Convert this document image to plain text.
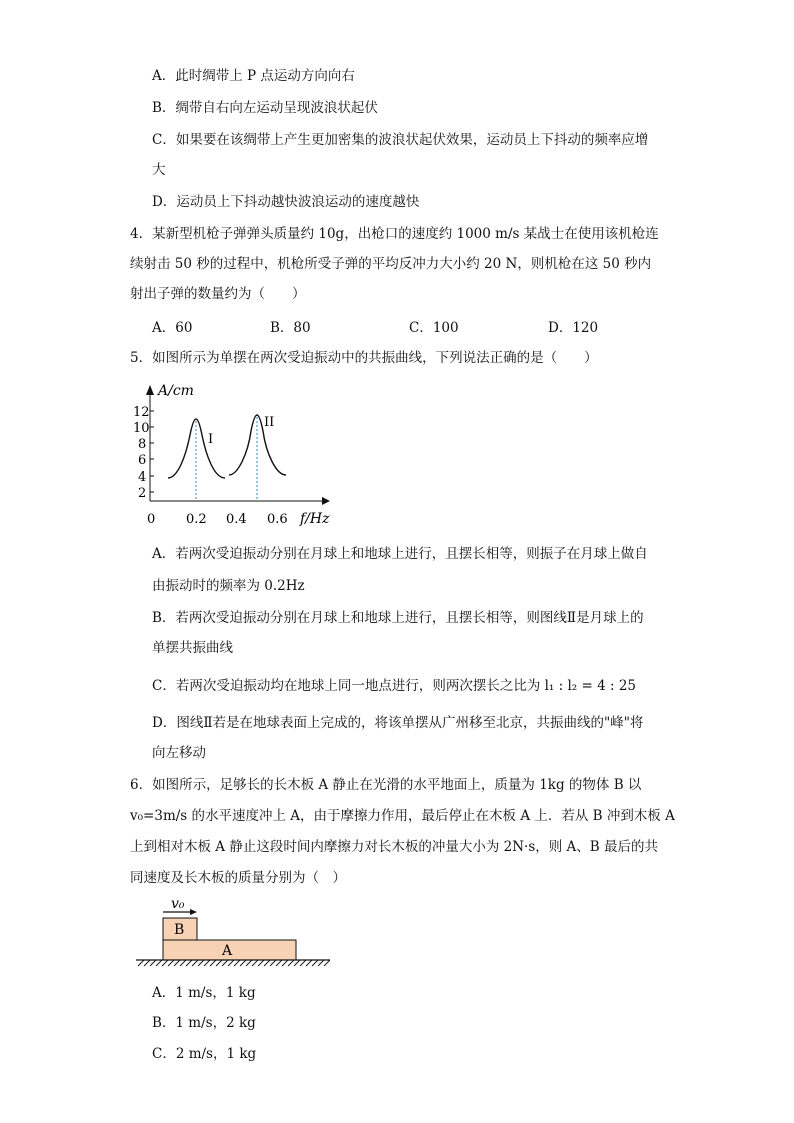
A．此时绸带上 P 点运动方向向右
B．绸带自右向左运动呈现波浪状起伏
C．如果要在该绸带上产生更加密集的波浪状起伏效果，运动员上下抖动的频率应增
大
D．运动员上下抖动越快波浪运动的速度越快
4．某新型机枪子弹弹头质量约 10g，出枪口的速度约 1000 m/s 某战士在使用该机枪连
续射击 50 秒的过程中，机枪所受子弹的平均反冲力大小约 20 N，则机枪在这 50 秒内
射出子弹的数量约为（　　）
A．60	B．80	C．100	D．120
5．如图所示为单摆在两次受迫振动中的共振曲线，下列说法正确的是（　　）
12
10
8
6
4
2
A/cm
0 0.2 0.4 0.6 f/Hz
I
II
A．若两次受迫振动分别在月球上和地球上进行，且摆长相等，则振子在月球上做自
由振动时的频率为 0.2Hz
B．若两次受迫振动分别在月球上和地球上进行，且摆长相等，则图线Ⅱ是月球上的
单摆共振曲线
C．若两次受迫振动均在地球上同一地点进行，则两次摆长之比为 l₁ : l₂ = 4 : 25
D．图线Ⅱ若是在地球表面上完成的，将该单摆从广州移至北京，共振曲线的"峰"将
向左移动
6．如图所示，足够长的长木板 A 静止在光滑的水平地面上，质量为 1kg 的物体 B 以
v₀=3m/s 的水平速度冲上 A，由于摩擦力作用，最后停止在木板 A 上．若从 B 冲到木板 A
上到相对木板 A 静止这段时间内摩擦力对长木板的冲量大小为 2N·s，则 A、B 最后的共
同速度及长木板的质量分别为（　）
v₀
B
A
A．1 m/s，1 kg
B．1 m/s，2 kg
C．2 m/s，1 kg
